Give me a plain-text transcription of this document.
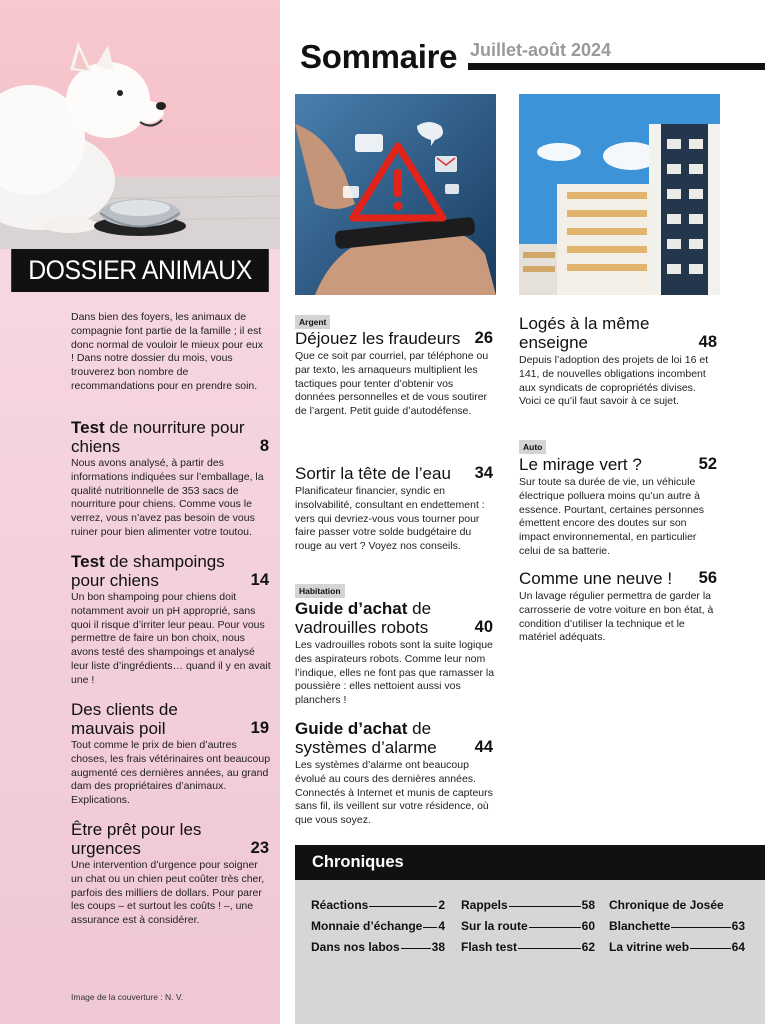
DOSSIER ANIMAUX

Dans bien des foyers, les animaux de compagnie font partie de la famille ; il est donc normal de vouloir le mieux pour eux ! Dans notre dossier du mois, vous trouverez bon nombre de recommandations pour en prendre soin.

Test de nourriture pour chiens	8

Nous avons analysé, à partir des informations indiquées sur l’emballage, la qualité nutritionnelle de 353 sacs de nourriture pour chiens. Comme vous le verrez, vous n’avez pas besoin de vous ruiner pour bien alimenter votre toutou.

Test de shampoings pour chiens	14

Un bon shampoing pour chiens doit notamment avoir un pH approprié, sans quoi il risque d’irriter leur peau. Pour vous permettre de faire un bon choix, nous avons testé des shampoings et analysé leur liste d’ingrédients… quand il y en avait une !

Des clients de mauvais poil	19

Tout comme le prix de bien d’autres choses, les frais vétérinaires ont beaucoup augmenté ces dernières années, au grand dam des propriétaires d’animaux. Explications.

Être prêt pour les urgences	23

Une intervention d’urgence pour soigner un chat ou un chien peut coûter très cher, parfois des milliers de dollars. Pour parer les coups – et surtout les coûts ! –, une assurance est à considérer.

Image de la couverture : N. V.
Sommaire Juillet-août 2024
Argent
Déjouez les fraudeurs 26

Que ce soit par courriel, par téléphone ou par texto, les arnaqueurs multiplient les tactiques pour tenter d’obtenir vos données personnelles et de vous soutirer de l’argent. Petit guide d’autodéfense.

Sortir la tête de l’eau 34

Planificateur financier, syndic en insolvabilité, consultant en endettement : vers qui devriez-vous vous tourner pour faire passer votre solde budgétaire du rouge au vert ? Voyez nos conseils.

Habitation
Guide d’achat de vadrouilles robots	40

Les vadrouilles robots sont la suite logique des aspirateurs robots. Comme leur nom l’indique, elles ne font pas que ramasser la poussière : elles nettoient aussi vos planchers !

Guide d’achat de systèmes d’alarme 44

Les systèmes d’alarme ont beaucoup évolué au cours des dernières années. Connectés à Internet et munis de capteurs sans fil, ils veillent sur votre résidence, où que vous soyez.

Logés à la même enseigne	48

Depuis l’adoption des projets de loi 16 et 141, de nouvelles obligations incombent aux syndicats de copropriétés divises. Voici ce qu’il faut savoir à ce sujet.

Auto
Le mirage vert ?	52

Sur toute sa durée de vie, un véhicule électrique polluera moins qu’un autre à essence. Pourtant, certaines personnes émettent encore des doutes sur son impact environnemental, en particulier celui de sa batterie.

Comme une neuve ! 56

Un lavage régulier permettra de garder la carrosserie de votre voiture en bon état, à condition d’utiliser la technique et le matériel adéquats.

Chroniques
Réactions	2
Monnaie d’échange 4
Dans nos labos	38
Rappels	58
Sur la route	60
Flash test	62
Chronique de Josée
Blanchette	63
La vitrine web	64
